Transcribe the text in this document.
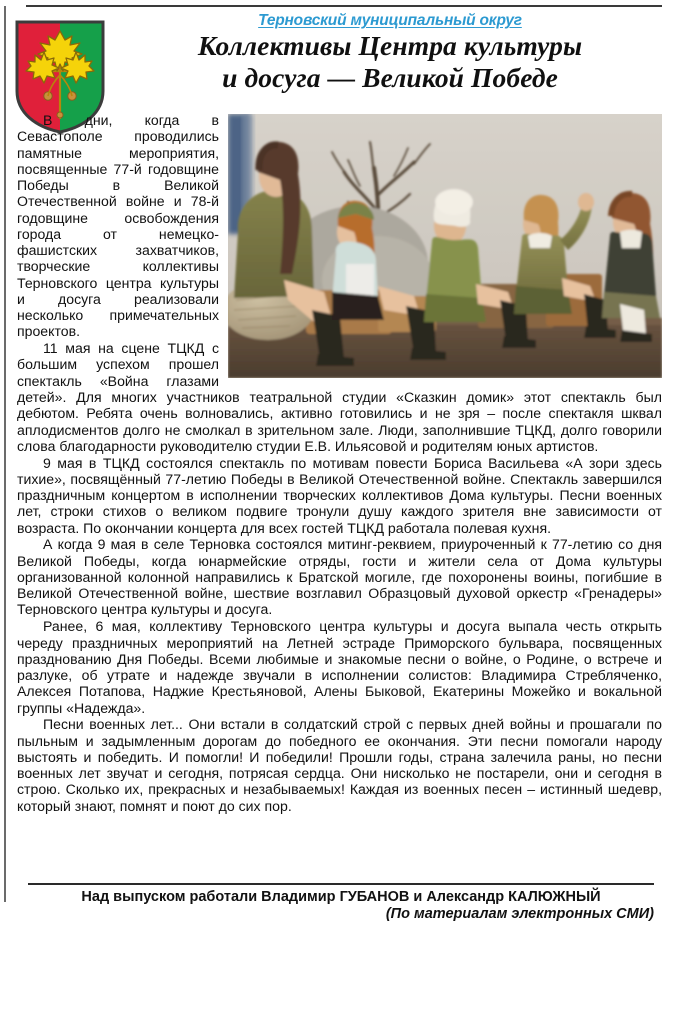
Терновский муниципальный округ
Коллективы Центра культуры
и досуга — Великой Победе

В дни, когда в Севастополе проводились памятные мероприятия, посвященные 77-й годовщине Победы в Великой Отечественной войне и 78-й годовщине освобождения города от немецко-фашистских захватчиков, творческие коллективы Терновского центра культуры и досуга реализовали несколько примечательных проектов.

11 мая на сцене ТЦКД с большим успехом прошел спектакль «Война глазами детей». Для многих участников театральной студии «Сказкин домик» этот спектакль был дебютом. Ребята очень волновались, активно готовились и не зря – после спектакля шквал аплодисментов долго не смолкал в зрительном зале. Люди, заполнившие ТЦКД, долго говорили слова благодарности руководителю студии Е.В. Ильясовой и родителям юных артистов.

9 мая в ТЦКД состоялся спектакль по мотивам повести Бориса Васильева «А зори здесь тихие», посвящённый 77-летию Победы в Великой Отечественной войне. Спектакль завершился праздничным концертом в исполнении творческих коллективов Дома культуры. Песни военных лет, строки стихов о великом подвиге тронули душу каждого зрителя вне зависимости от возраста. По окончании концерта для всех гостей ТЦКД работала полевая кухня.

А когда 9 мая в селе Терновка состоялся митинг-реквием, приуроченный к 77-летию со дня Великой Победы, когда юнармейские отряды, гости и жители села от Дома культуры организованной колонной направились к Братской могиле, где похоронены воины, погибшие в Великой Отечественной войне, шествие возглавил Образцовый духовой оркестр «Гренадеры» Терновского центра культуры и досуга.

Ранее, 6 мая, коллективу Терновского центра культуры и досуга выпала честь открыть череду праздничных мероприятий на Летней эстраде Приморского бульвара, посвященных празднованию Дня Победы. Всеми любимые и знакомые песни о войне, о Родине, о встрече и разлуке, об утрате и надежде звучали в исполнении солистов: Владимира Стребляченко, Алексея Потапова, Наджие Крестьяновой, Алены Быковой, Екатерины Можейко и вокальной группы «Надежда».

Песни военных лет... Они встали в солдатский строй с первых дней войны и прошагали по пыльным и задымленным дорогам до победного ее окончания. Эти песни помогали народу выстоять и победить. И помогли! И победили! Прошли годы, страна залечила раны, но песни военных лет звучат и сегодня, потрясая сердца. Они нисколько не постарели, они и сегодня в строю. Сколько их, прекрасных и незабываемых! Каждая из военных песен – истинный шедевр, который знают, помнят и поют до сих пор.

Над выпуском работали Владимир ГУБАНОВ и Александр КАЛЮЖНЫЙ
(По материалам электронных СМИ)
